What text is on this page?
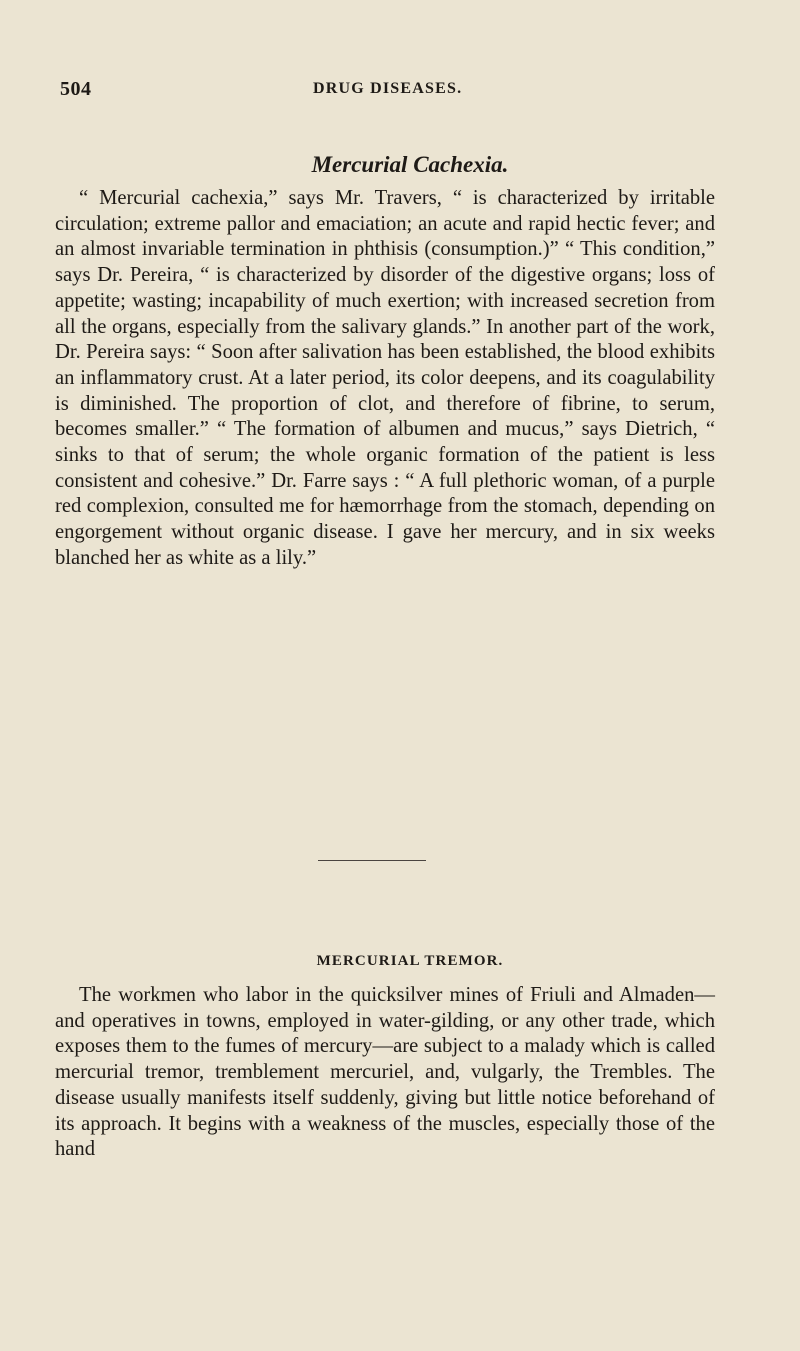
504	DRUG DISEASES.
Mercurial Cachexia.

“ Mercurial cachexia,” says Mr. Travers, “ is characterized by irritable circulation; extreme pallor and emaciation; an acute and rapid hectic fever; and an almost invariable termination in phthisis (consumption.)” “ This condition,” says Dr. Pereira, “ is characterized by disorder of the digestive organs; loss of appetite; wasting; incapability of much exertion; with increased secretion from all the organs, especially from the salivary glands.” In another part of the work, Dr. Pereira says: “ Soon after salivation has been established, the blood exhibits an inflammatory crust. At a later period, its color deepens, and its coagulability is diminished. The proportion of clot, and therefore of fibrine, to serum, becomes smaller.” “ The formation of albumen and mucus,” says Dietrich, “ sinks to that of serum; the whole organic formation of the patient is less consistent and cohesive.” Dr. Farre says : “ A full plethoric woman, of a purple red complexion, consulted me for hæmorrhage from the stomach, depending on engorgement without organic disease. I gave her mercury, and in six weeks blanched her as white as a lily.”

MERCURIAL TREMOR.

The workmen who labor in the quicksilver mines of Friuli and Almaden—and operatives in towns, employed in water-gilding, or any other trade, which exposes them to the fumes of mercury—are subject to a malady which is called mercurial tremor, tremblement mercuriel, and, vulgarly, the Trembles. The disease usually manifests itself suddenly, giving but little notice beforehand of its approach. It begins with a weakness of the muscles, especially those of the hand
